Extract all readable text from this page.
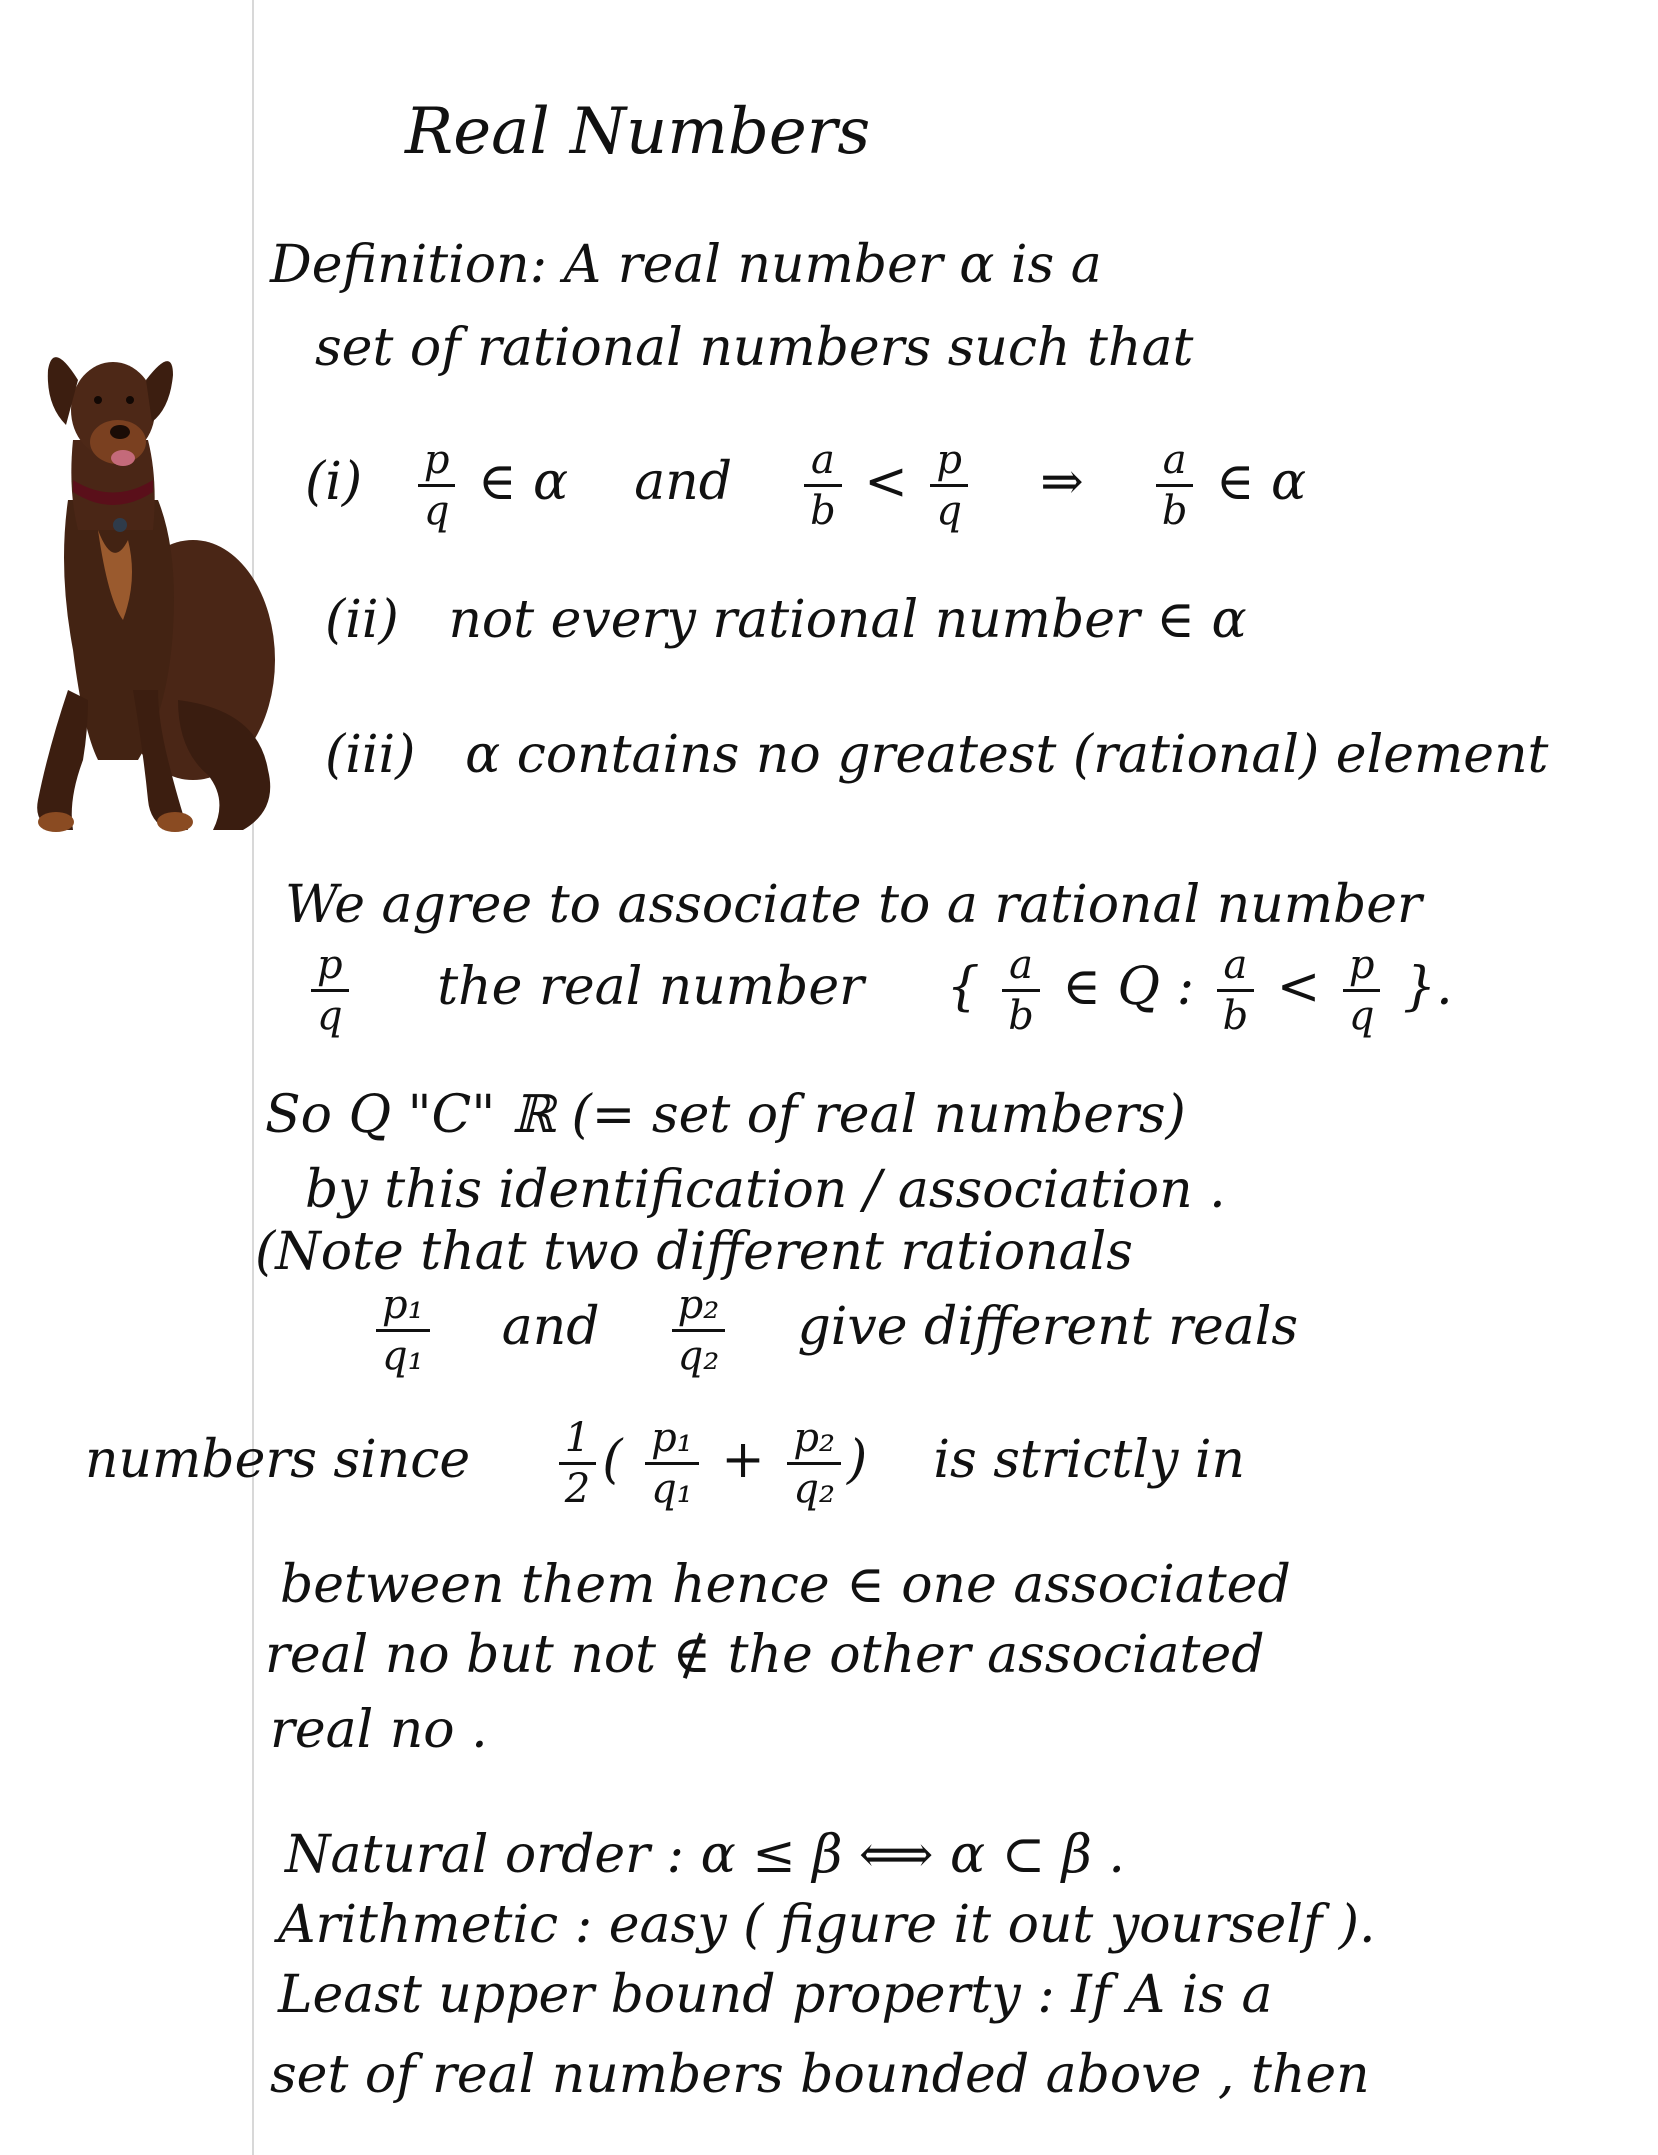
Real Numbers
Definition: A real number α is a
set of rational numbers such that
$(i) \frac{p}{q}$ ∈ α and $\frac{a}{b} < \frac{p}{q}$ ⇒ $\frac{a}{b}$ ∈ α
(ii) not every rational number ∈ α
(iii) α contains no greatest (rational) element
We agree to associate to a rational number
$\frac{p}{q}$ the real number { $\frac{a}{b}$ ∈ Q : $\frac{a}{b} < \frac{p}{q}$ }.
So Q "C" ℝ (= set of real numbers)
by this identification / association .
(Note that two different rationals
$\frac{\text{p₁}}{\text{q₁}}$ and $\frac{\text{p₂}}{\text{q₂}}$ give different reals
numbers since $\frac{1}{2}$ ( $\frac{\text{p₁}}{\text{q₁}} + \frac{\text{p₂}}{\text{q₂}}$ )    is strictly in
between them hence ∈ one associated
real no but not ∉ the other associated
real no .
Natural order : α ≤ β ⟺ α ⊂ β .
Arithmetic : easy ( figure it out yourself ).
Least upper bound property : If A is a
set of real numbers bounded above , then
